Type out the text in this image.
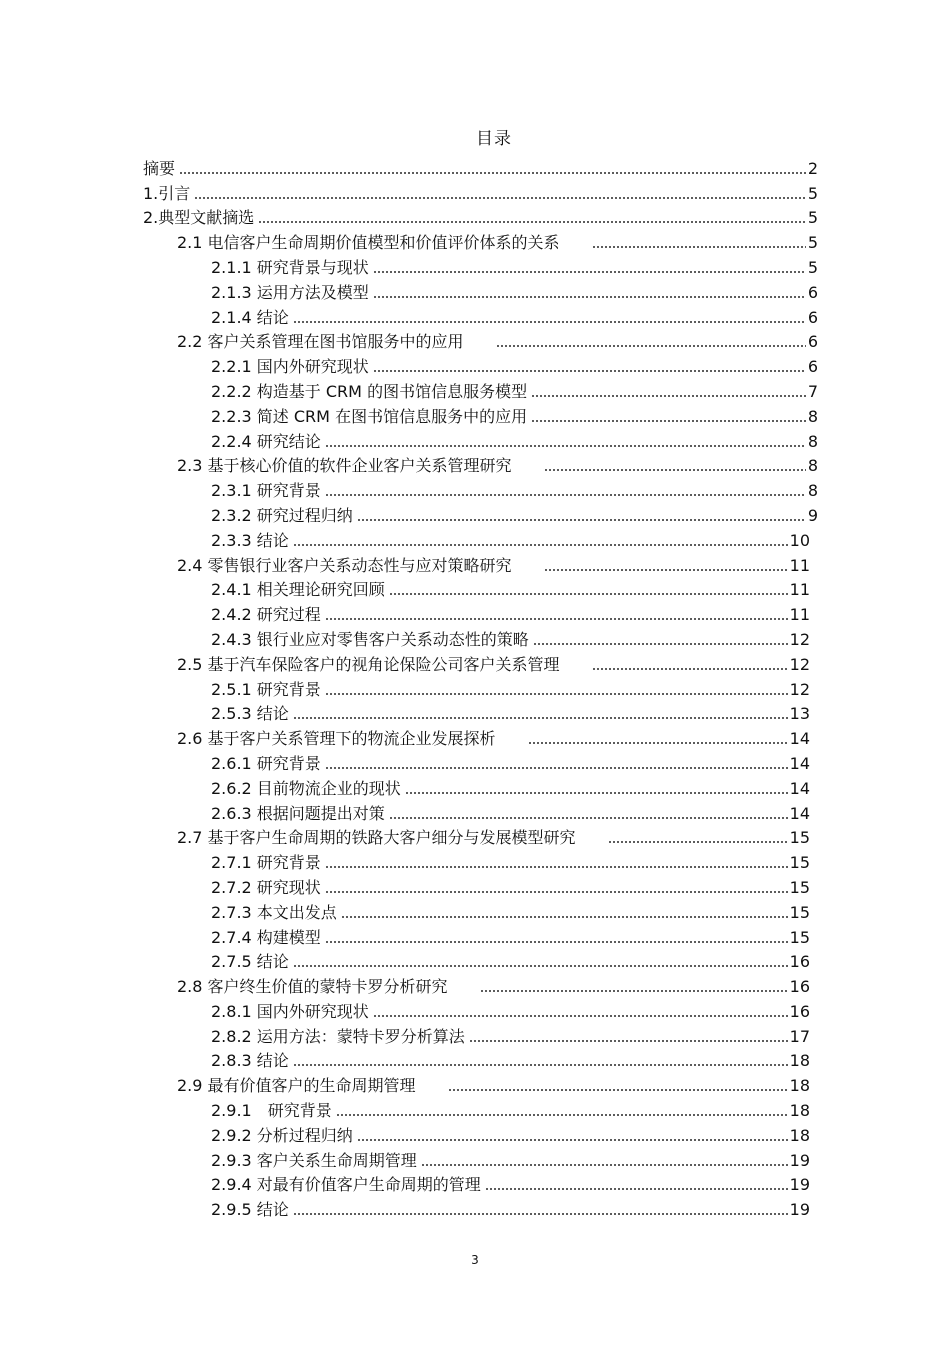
目录
摘要	2
1.引言	5
2.典型文献摘选	5
2.1 电信客户生命周期价值模型和价值评价体系的关系	5
2.1.1 研究背景与现状	5
2.1.3 运用方法及模型	6
2.1.4 结论	6
2.2 客户关系管理在图书馆服务中的应用	6
2.2.1 国内外研究现状	6
2.2.2 构造基于 CRM 的图书馆信息服务模型	7
2.2.3 简述 CRM 在图书馆信息服务中的应用	8
2.2.4 研究结论	8
2.3 基于核心价值的软件企业客户关系管理研究	8
2.3.1 研究背景	8
2.3.2 研究过程归纳	9
2.3.3 结论	10
2.4 零售银行业客户关系动态性与应对策略研究	11
2.4.1 相关理论研究回顾	11
2.4.2 研究过程	11
2.4.3 银行业应对零售客户关系动态性的策略	12
2.5 基于汽车保险客户的视角论保险公司客户关系管理	12
2.5.1 研究背景	12
2.5.3 结论	13
2.6 基于客户关系管理下的物流企业发展探析	14
2.6.1 研究背景	14
2.6.2 目前物流企业的现状	14
2.6.3 根据问题提出对策	14
2.7 基于客户生命周期的铁路大客户细分与发展模型研究	15
2.7.1 研究背景	15
2.7.2 研究现状	15
2.7.3 本文出发点	15
2.7.4 构建模型	15
2.7.5 结论	16
2.8 客户终生价值的蒙特卡罗分析研究	16
2.8.1 国内外研究现状	16
2.8.2 运用方法：蒙特卡罗分析算法	17
2.8.3 结论	18
2.9 最有价值客户的生命周期管理	18
2.9.1　研究背景	18
2.9.2 分析过程归纳	18
2.9.3 客户关系生命周期管理	19
2.9.4 对最有价值客户生命周期的管理	19
2.9.5 结论	19
3
